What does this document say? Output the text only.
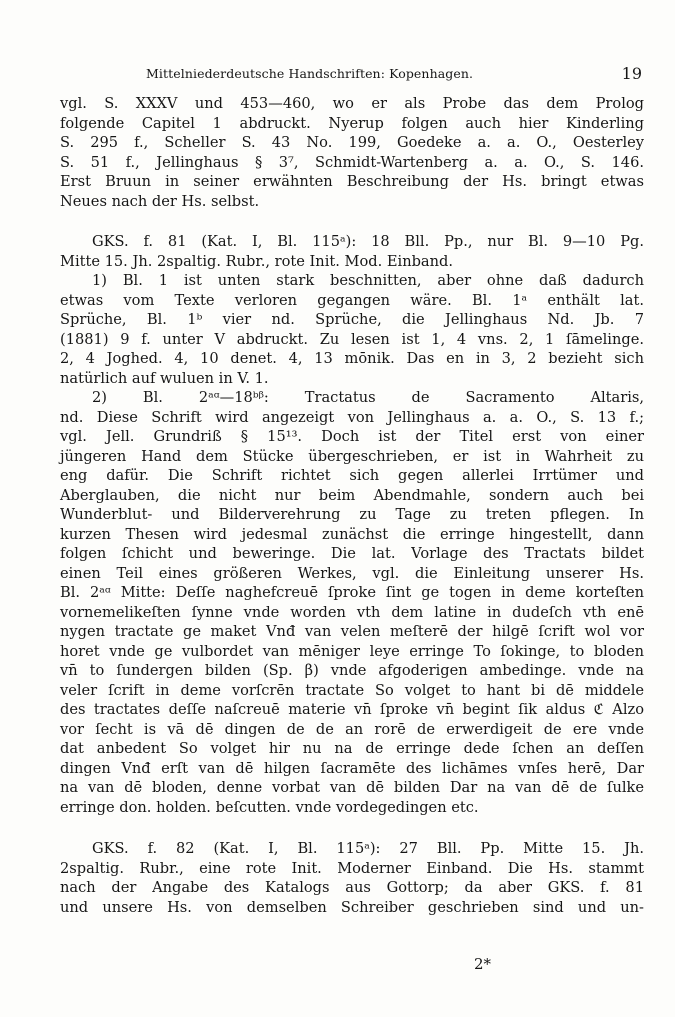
Mittelniederdeutsche Handschriften: Kopenhagen.	19
vgl. S. XXXV und 453—460, wo er als Probe das dem Prolog
folgende Capitel 1 abdruckt. Nyerup folgen auch hier Kinderling
S. 295 f., Scheller S. 43 No. 199, Goedeke a. a. O., Oesterley
S. 51 f., Jellinghaus § 3⁷, Schmidt-Wartenberg a. a. O., S. 146.
Erst Bruun in seiner erwähnten Beschreibung der Hs. bringt etwas
Neues nach der Hs. selbst.
GKS. f. 81 (Kat. I, Bl. 115ᵃ): 18 Bll. Pp., nur Bl. 9—10 Pg.
Mitte 15. Jh. 2spaltig. Rubr., rote Init. Mod. Einband.
1) Bl. 1 ist unten stark beschnitten, aber ohne daß dadurch
etwas vom Texte verloren gegangen wäre. Bl. 1ᵃ enthält lat.
Sprüche, Bl. 1ᵇ vier nd. Sprüche, die Jellinghaus Nd. Jb. 7
(1881) 9 f. unter V abdruckt. Zu lesen ist 1, 4 vns. 2, 1 ſāmelinge.
2, 4 Joghed. 4, 10 denet. 4, 13 mōnik. Das en in 3, 2 bezieht sich
natürlich auf wuluen in V. 1.
2) Bl. 2ᵃᵅ—18ᵇᵝ: Tractatus de Sacramento Altaris,
nd. Diese Schrift wird angezeigt von Jellinghaus a. a. O., S. 13 f.;
vgl. Jell. Grundriß § 15¹³. Doch ist der Titel erst von einer
jüngeren Hand dem Stücke übergeschrieben, er ist in Wahrheit zu
eng dafür. Die Schrift richtet sich gegen allerlei Irrtümer und
Aberglauben, die nicht nur beim Abendmahle, sondern auch bei
Wunderblut- und Bilderverehrung zu Tage zu treten pflegen. In
kurzen Thesen wird jedesmal zunächst die erringe hingestellt, dann
folgen ſchicht und beweringe. Die lat. Vorlage des Tractats bildet
einen Teil eines größeren Werkes, vgl. die Einleitung unserer Hs.
Bl. 2ᵃᵅ Mitte: Deſſe naghefcreuē ſproke ſint ge togen in deme korteſten
vornemelikeſten ſynne vnde worden vth dem latine in dudeſch vth enē
nygen tractate ge maket Vnđ van velen meſterē der hilgē ſcrift wol vor
horet vnde ge vulbordet van mēniger leye erringe To ſokinge, to bloden
vn̄ to ſundergen bilden (Sp. β) vnde afgoderigen ambedinge. vnde na
veler ſcrift in deme vorſcrēn tractate So volget to hant bi dē middele
des tractates deſſe naſcreuē materie vn̄ ſproke vn̄ begint ſik aldus ℭ Alzo
vor ſecht is vā dē dingen de de an rorē de erwerdigeit de ere vnde
dat anbedent So volget hir nu na de erringe dede ſchen an deſſen
dingen Vnđ erſt van dē hilgen ſacramēte des lichāmes vnſes herē, Dar
na van dē bloden, denne vorbat van dē bilden Dar na van dē de ſulke
erringe don. holden. beſcutten. vnde vordegedingen etc.
GKS. f. 82 (Kat. I, Bl. 115ᵃ): 27 Bll. Pp. Mitte 15. Jh.
2spaltig. Rubr., eine rote Init. Moderner Einband. Die Hs. stammt
nach der Angabe des Katalogs aus Gottorp; da aber GKS. f. 81
und unsere Hs. von demselben Schreiber geschrieben sind und un-
2*
